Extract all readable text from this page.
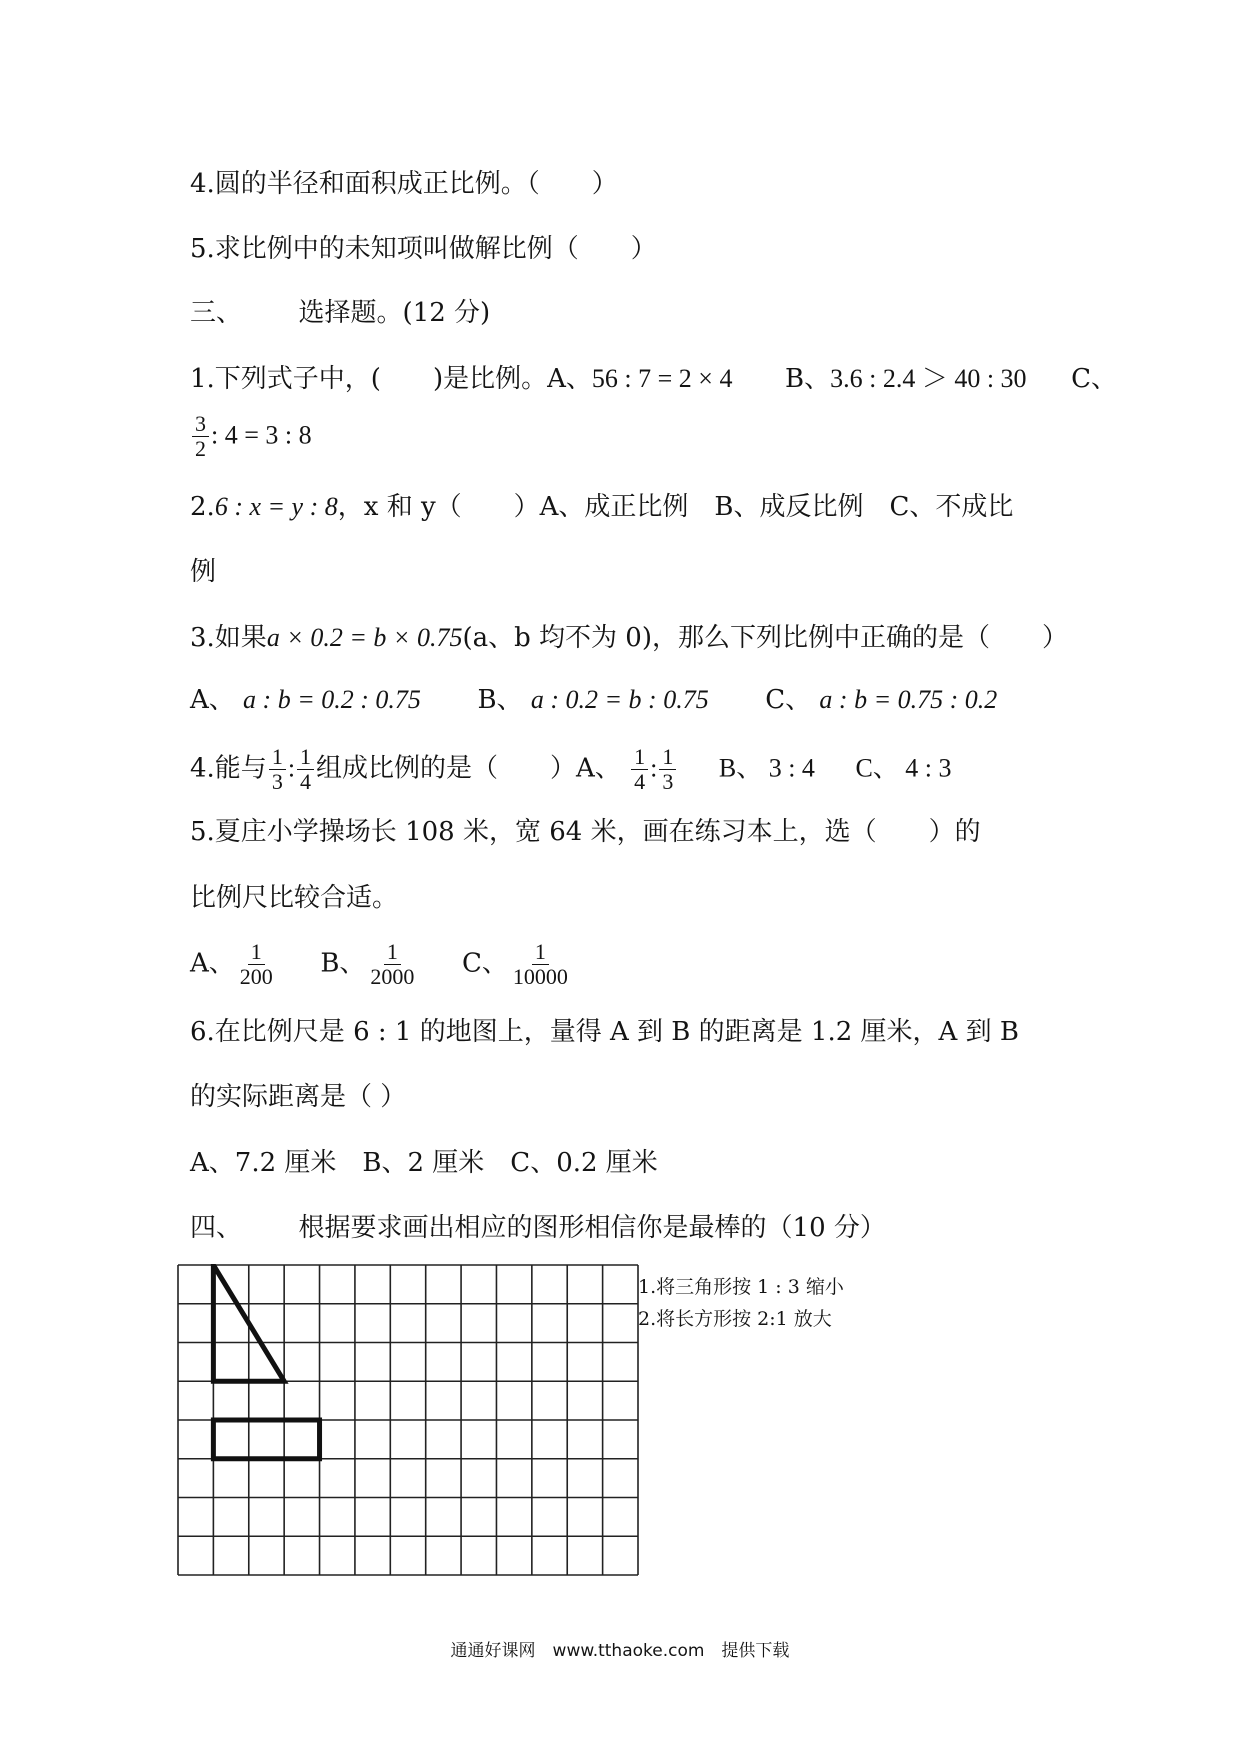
4.圆的半径和面积成正比例。（　　）
5.求比例中的未知项叫做解比例（　　）
三、 选择题。(12 分)
1.下列式子中，(　　)是比例。A、56 : 7 = 2 × 4 B、3.6 : 2.4 ＞ 40 : 30 C、
$\frac{3}{2}$ : 4 = 3 : 8
2.6 : x = y : 8，x 和 y（　　）A、成正比例　B、成反比例　C、不成比
例
3.如果a × 0.2 = b × 0.75(a、b 均不为 0)，那么下列比例中正确的是（　　）
A、 a : b = 0.2 : 0.75 B、 a : 0.2 = b : 0.75 C、 a : b = 0.75 : 0.2
4.能与 $\frac{1}{3}$ : $\frac{1}{4}$ 组成比例的是（　　）A、 $\frac{1}{4}$ : $\frac{1}{3}$ B、 3 : 4 C、 4 : 3
5.夏庄小学操场长 108 米，宽 64 米，画在练习本上，选（　　）的
比例尺比较合适。
A、 $\frac{1}{200}$ B、 $\frac{1}{2000}$ C、 $\frac{1}{10000}$
6.在比例尺是 6 : 1 的地图上，量得 A 到 B 的距离是 1.2 厘米，A 到 B
的实际距离是（ ）
A、7.2 厘米　B、2 厘米　C、0.2 厘米
四、 根据要求画出相应的图形相信你是最棒的（10 分）
1.将三角形按 1 : 3 缩小
2.将长方形按 2:1 放大
通通好课网　www.tthaoke.com　提供下载
